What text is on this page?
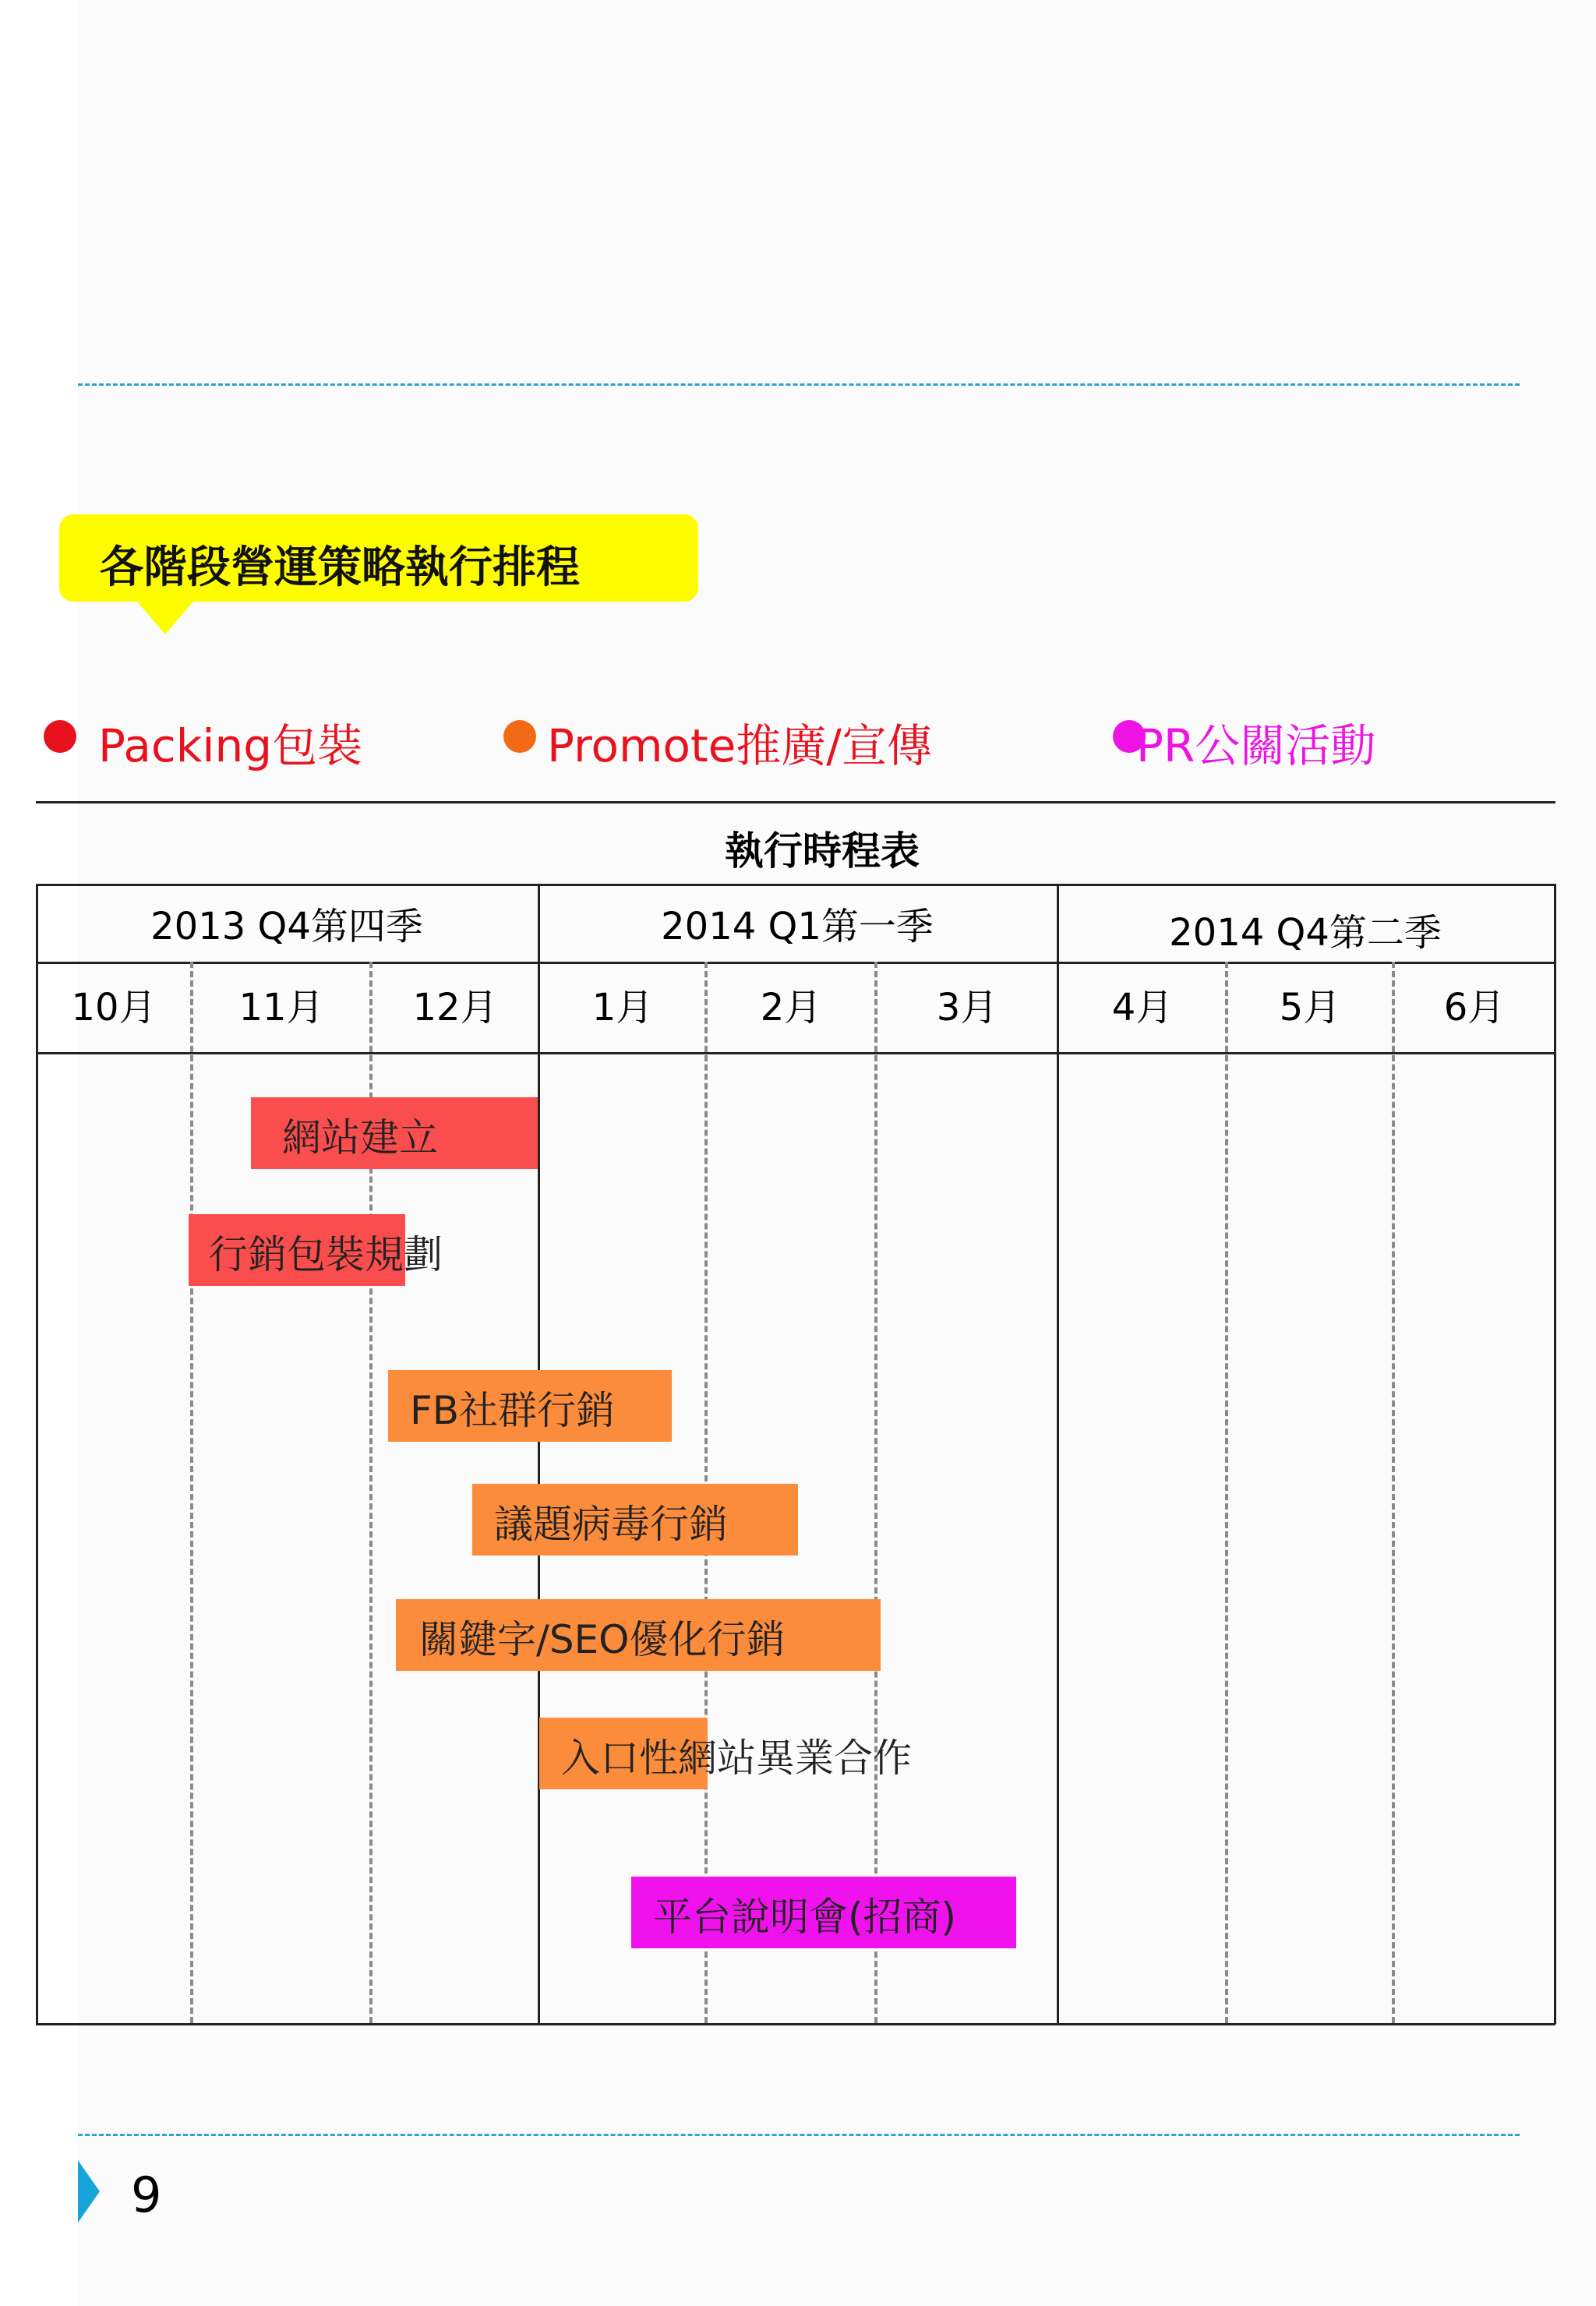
各階段營運策略執行排程
Packing包裝	Promote推廣/宣傳	PR公關活動
執行時程表
2013 Q4第四季	2014 Q1第一季	2014 Q4第二季
10月	11月	12月	1月	2月	3月	4月	5月	6月
網站建立
行銷包裝規劃
FB社群行銷
議題病毒行銷
關鍵字/SEO優化行銷
入口性網站異業合作
平台說明會(招商)
9
